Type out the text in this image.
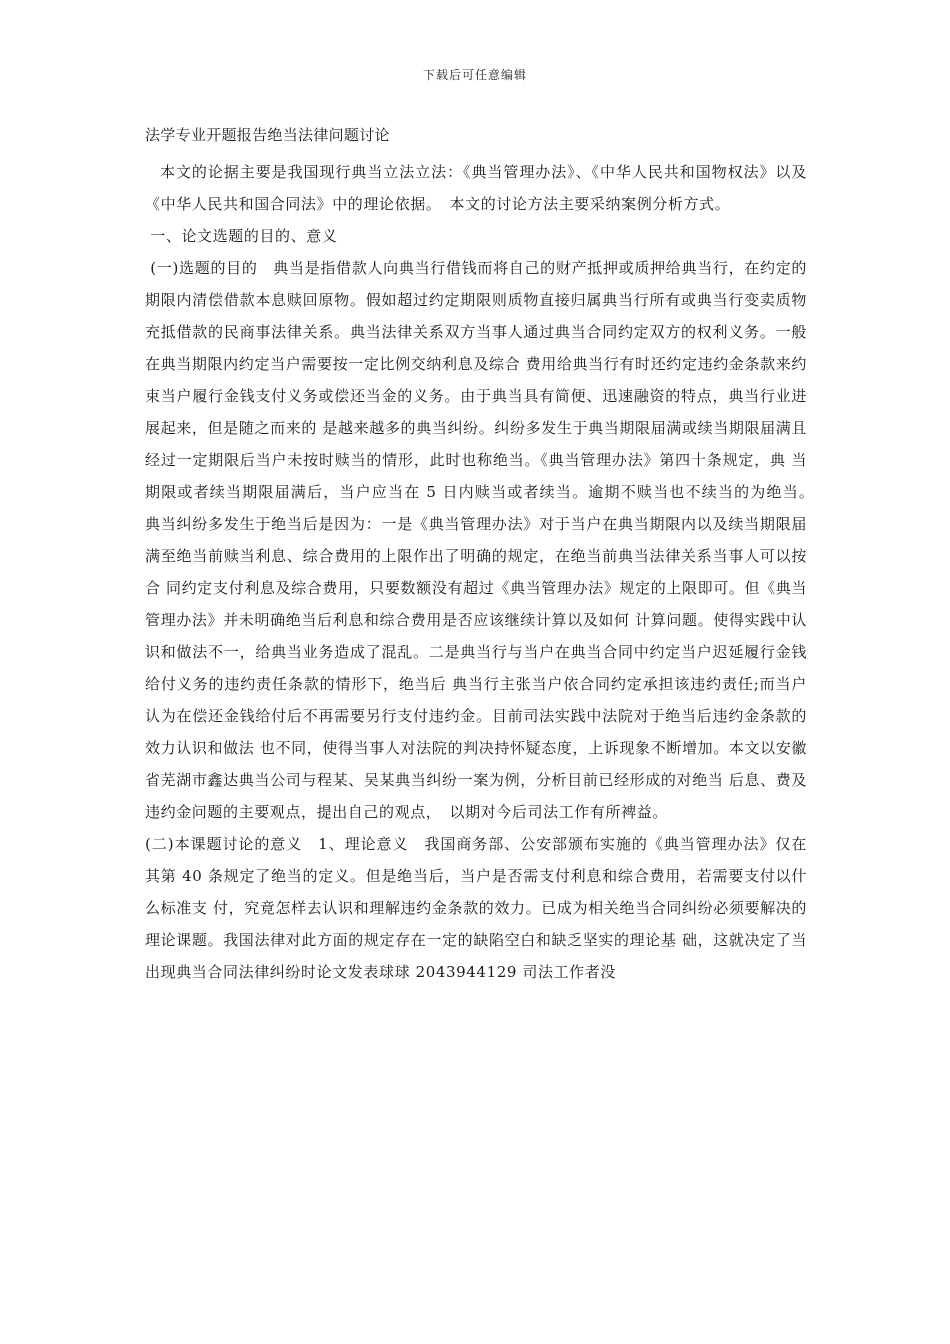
下载后可任意编辑
法学专业开题报告绝当法律问题讨论

本文的论据主要是我国现行典当立法立法：《典当管理办法》、《中华人民共和国物权法》以及《中华人民共和国合同法》中的理论依据。　本文的讨论方法主要采纳案例分析方式。

一、论文选题的目的、意义

(一)选题的目的　典当是指借款人向典当行借钱而将自己的财产抵押或质押给典当行，在约定的期限内清偿借款本息赎回原物。假如超过约定期限则质物直接归属典当行所有或典当行变卖质物充抵借款的民商事法律关系。典当法律关系双方当事人通过典当合同约定双方的权利义务。一般在典当期限内约定当户需要按一定比例交纳利息及综合 费用给典当行有时还约定违约金条款来约束当户履行金钱支付义务或偿还当金的义务。由于典当具有简便、迅速融资的特点，典当行业进展起来，但是随之而来的 是越来越多的典当纠纷。纠纷多发生于典当期限届满或续当期限届满且经过一定期限后当户未按时赎当的情形，此时也称绝当。《典当管理办法》第四十条规定，典 当期限或者续当期限届满后，当户应当在 5 日内赎当或者续当。逾期不赎当也不续当的为绝当。　典当纠纷多发生于绝当后是因为：一是《典当管理办法》对于当户在典当期限内以及续当期限届满至绝当前赎当利息、综合费用的上限作出了明确的规定，在绝当前典当法律关系当事人可以按合 同约定支付利息及综合费用，只要数额没有超过《典当管理办法》规定的上限即可。但《典当管理办法》并未明确绝当后利息和综合费用是否应该继续计算以及如何 计算问题。使得实践中认识和做法不一，给典当业务造成了混乱。二是典当行与当户在典当合同中约定当户迟延履行金钱给付义务的违约责任条款的情形下，绝当后 典当行主张当户依合同约定承担该违约责任;而当户认为在偿还金钱给付后不再需要另行支付违约金。目前司法实践中法院对于绝当后违约金条款的效力认识和做法 也不同，使得当事人对法院的判决持怀疑态度，上诉现象不断增加。本文以安徽省芜湖市鑫达典当公司与程某、吴某典当纠纷一案为例，分析目前已经形成的对绝当 后息、费及违约金问题的主要观点，提出自己的观点，　以期对今后司法工作有所裨益。

(二)本课题讨论的意义　1、理论意义　我国商务部、公安部颁布实施的《典当管理办法》仅在其第 40 条规定了绝当的定义。但是绝当后，当户是否需支付利息和综合费用，若需要支付以什么标准支 付，究竟怎样去认识和理解违约金条款的效力。已成为相关绝当合同纠纷必须要解决的理论课题。我国法律对此方面的规定存在一定的缺陷空白和缺乏坚实的理论基 础，这就决定了当出现典当合同法律纠纷时论文发表球球 2043944129 司法工作者没
